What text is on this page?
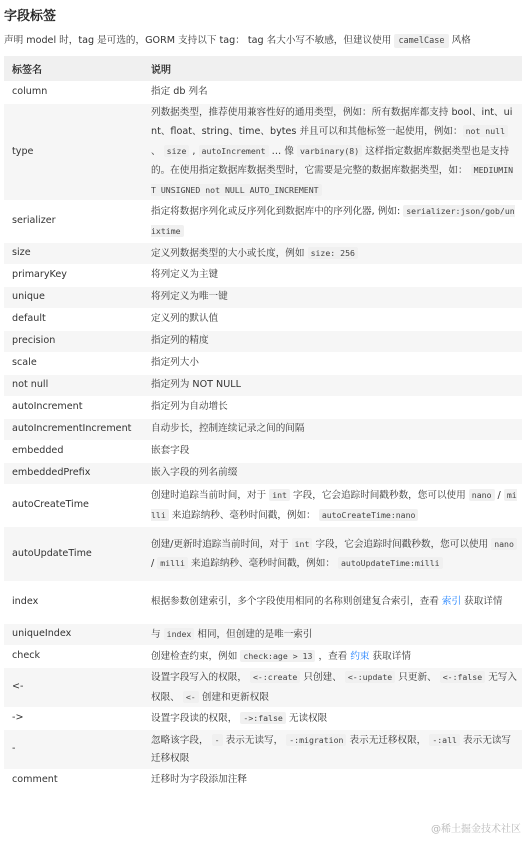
字段标签
声明 model 时，tag 是可选的，GORM 支持以下 tag： tag 名大小写不敏感，但建议使用 camelCase 风格
标签名	说明
column	指定 db 列名
type	列数据类型，推荐使用兼容性好的通用类型，例如：所有数据库都支持 bool、int、uint、float、string、time、bytes 并且可以和其他标签一起使用，例如： not null 、 size , autoIncrement … 像 varbinary(8) 这样指定数据库数据类型也是支持的。在使用指定数据库数据类型时，它需要是完整的数据库数据类型，如： MEDIUMINT UNSIGNED not NULL AUTO_INCREMENT
serializer	指定将数据序列化或反序列化到数据库中的序列化器, 例如: serializer:json/gob/unixtime
size	定义列数据类型的大小或长度，例如 size: 256
primaryKey	将列定义为主键
unique	将列定义为唯一键
default	定义列的默认值
precision	指定列的精度
scale	指定列大小
not null	指定列为 NOT NULL
autoIncrement	指定列为自动增长
autoIncrementIncrement	自动步长，控制连续记录之间的间隔
embedded	嵌套字段
embeddedPrefix	嵌入字段的列名前缀
autoCreateTime	创建时追踪当前时间，对于 int 字段，它会追踪时间戳秒数，您可以使用 nano / milli 来追踪纳秒、毫秒时间戳，例如： autoCreateTime:nano
autoUpdateTime	创建/更新时追踪当前时间，对于 int 字段，它会追踪时间戳秒数，您可以使用 nano / milli 来追踪纳秒、毫秒时间戳，例如： autoUpdateTime:milli
index	根据参数创建索引，多个字段使用相同的名称则创建复合索引，查看 索引 获取详情
uniqueIndex	与 index 相同，但创建的是唯一索引
check	创建检查约束，例如 check:age > 13 ，查看 约束 获取详情
<-	设置字段写入的权限， <-:create 只创建、 <-:update 只更新、 <-:false 无写入权限、 <- 创建和更新权限
->	设置字段读的权限， ->:false 无读权限
-	忽略该字段， - 表示无读写， -:migration 表示无迁移权限， -:all 表示无读写迁移权限
comment	迁移时为字段添加注释
@稀土掘金技术社区
